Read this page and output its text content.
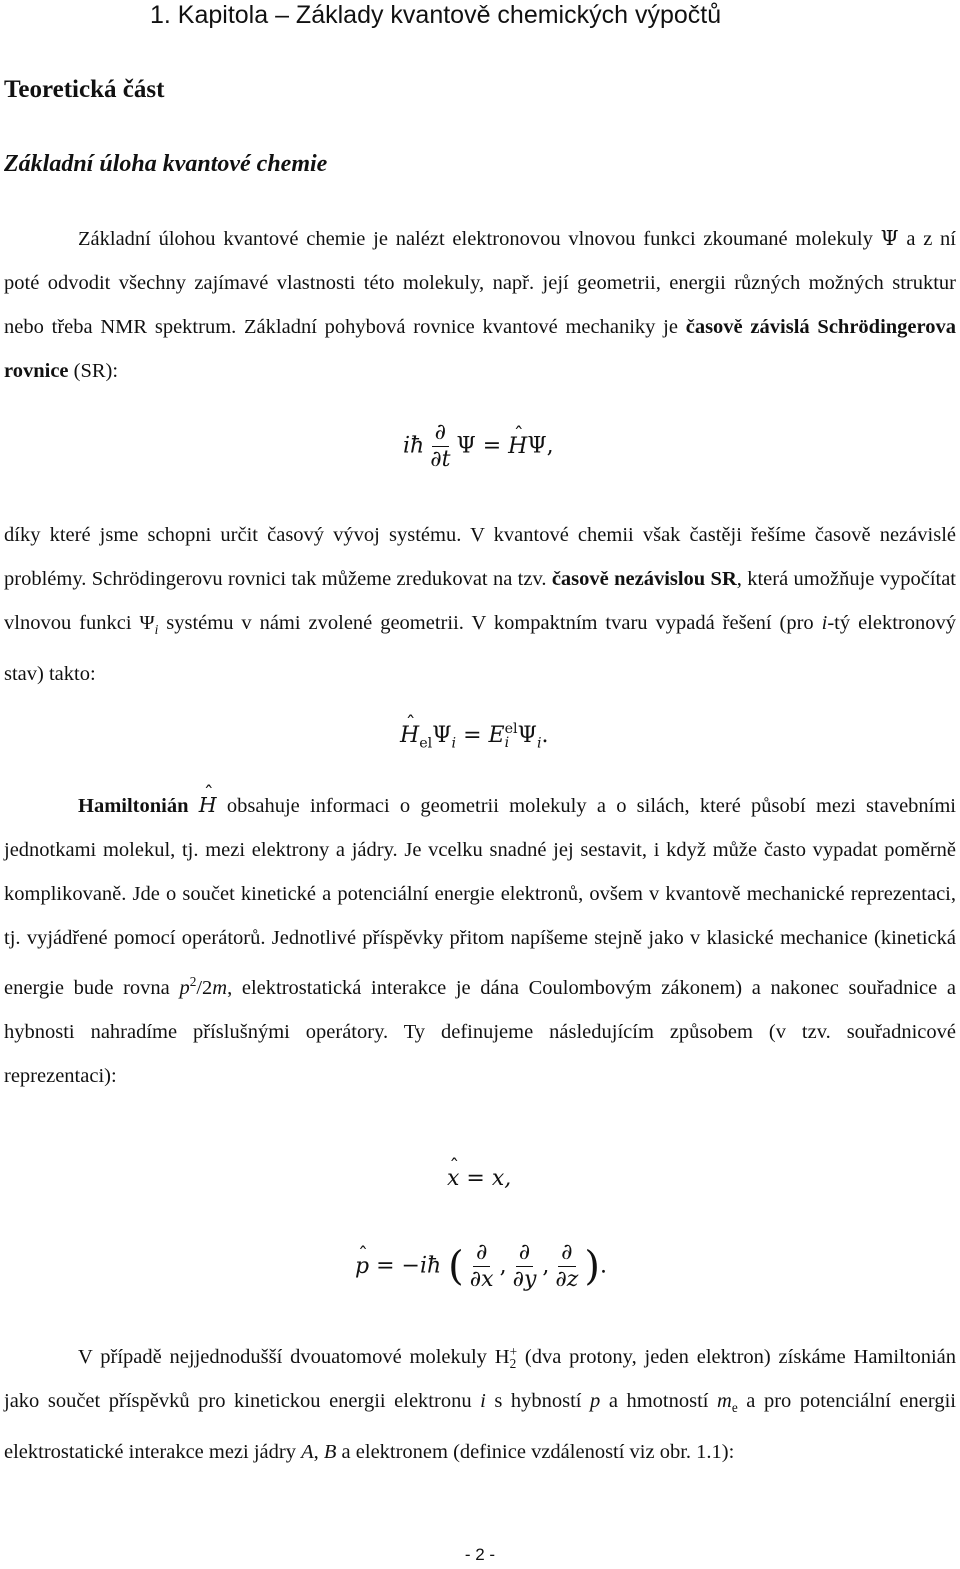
1. Kapitola – Základy kvantově chemických výpočtů
Teoretická část
Základní úloha kvantové chemie

Základní úlohou kvantové chemie je nalézt elektronovou vlnovou funkci zkoumané molekuly Ψ a z ní poté odvodit všechny zajímavé vlastnosti této molekuly, např. její geometrii, energii různých možných struktur nebo třeba NMR spektrum. Základní pohybová rovnice kvantové mechaniky je časově závislá Schrödingerova rovnice (SR):

iħ $\frac{\partial}{\partial t}$ Ψ = ˆ HΨ,

díky které jsme schopni určit časový vývoj systému. V kvantové chemii však častěji řešíme časově nezávislé problémy. Schrödingerovu rovnici tak můžeme zredukovat na tzv. časově nezávislou SR, která umožňuje vypočítat vlnovou funkci $\Psi_i$ systému v námi zvolené geometrii. V kompaktním tvaru vypadá řešení (pro i-tý elektronový stav) takto:

ˆ $H_{el}\Psi_i = E$ el
i $\Psi_i$.

Hamiltonián ˆ H obsahuje informaci o geometrii molekuly a o silách, které působí mezi stavebními jednotkami molekul, tj. mezi elektrony a jádry. Je vcelku snadné jej sestavit, i když může často vypadat poměrně komplikovaně. Jde o součet kinetické a potenciální energie elektronů, ovšem v kvantově mechanické reprezentaci, tj. vyjádřené pomocí operátorů. Jednotlivé příspěvky přitom napíšeme stejně jako v klasické mechanice (kinetická energie bude rovna $p^2/2m$, elektrostatická interakce je dána Coulombovým zákonem) a nakonec souřadnice a hybnosti nahradíme příslušnými operátory. Ty definujeme následujícím způsobem (v tzv. souřadnicové reprezentaci):

ˆ x = x,
ˆ p = −iħ ( $\frac{\partial}{\partial x}$ , $\frac{\partial}{\partial y}$ , $\frac{\partial}{\partial z}$ ).

V případě nejjednodušší dvouatomové molekuly H +
2 (dva protony, jeden elektron) získáme Hamiltonián jako součet příspěvků pro kinetickou energii elektronu i s hybností p a hmotností $m_e$ a pro potenciální energii elektrostatické interakce mezi jádry A, B a elektronem (definice vzdáleností viz obr. 1.1):

- 2 -
